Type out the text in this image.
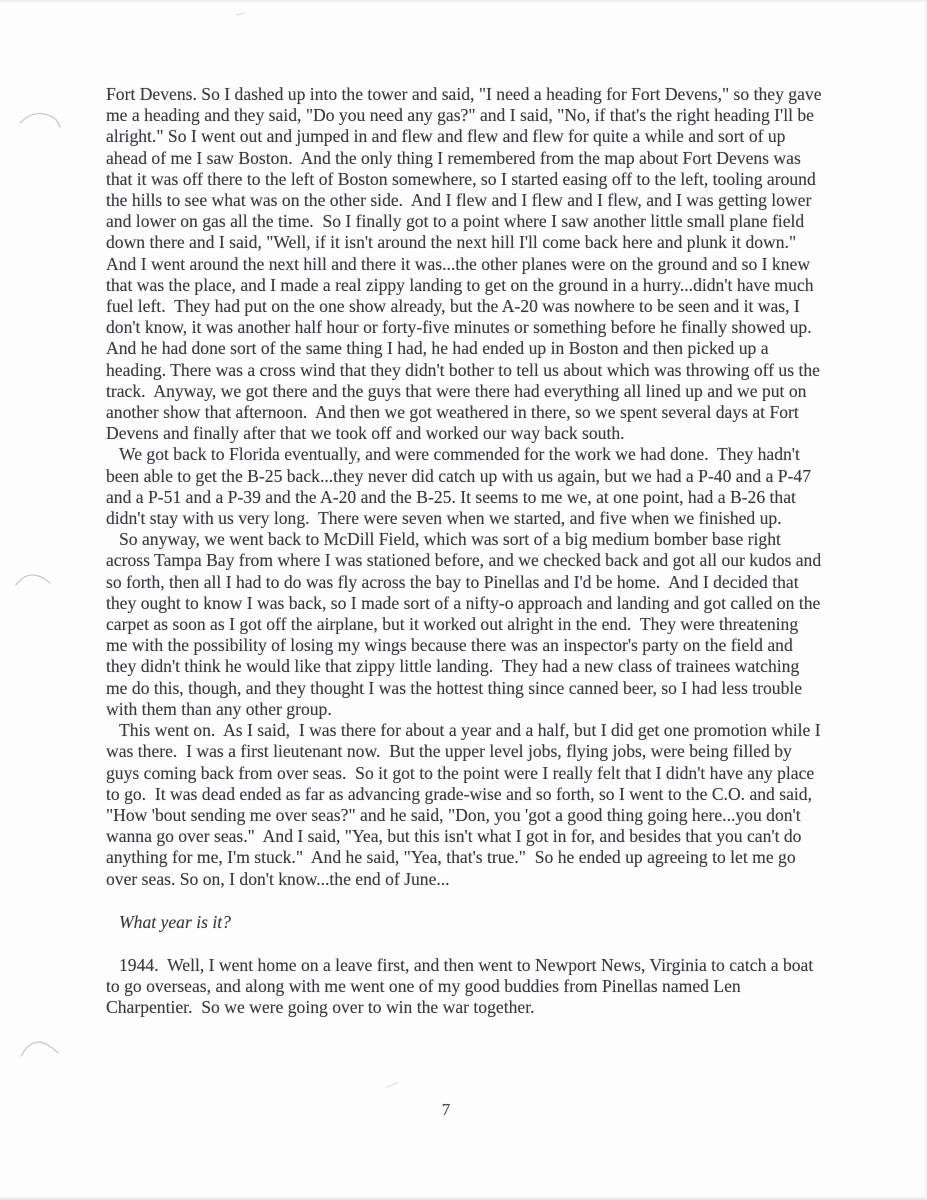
Fort Devens. So I dashed up into the tower and said, "I need a heading for Fort Devens," so they gave me a heading and they said, "Do you need any gas?" and I said, "No, if that's the right heading I'll be alright." So I went out and jumped in and flew and flew and flew for quite a while and sort of up ahead of me I saw Boston.  And the only thing I remembered from the map about Fort Devens was that it was off there to the left of Boston somewhere, so I started easing off to the left, tooling around the hills to see what was on the other side.  And I flew and I flew and I flew, and I was getting lower and lower on gas all the time.  So I finally got to a point where I saw another little small plane field down there and I said, "Well, if it isn't around the next hill I'll come back here and plunk it down."   And I went around the next hill and there it was...the other planes were on the ground and so I knew that was the place, and I made a real zippy landing to get on the ground in a hurry...didn't have much fuel left.  They had put on the one show already, but the A-20 was nowhere to be seen and it was, I don't know, it was another half hour or forty-five minutes or something before he finally showed up.  And he had done sort of the same thing I had, he had ended up in Boston and then picked up a heading. There was a cross wind that they didn't bother to tell us about which was throwing off us the track.  Anyway, we got there and the guys that were there had everything all lined up and we put on another show that afternoon.  And then we got weathered in there, so we spent several days at Fort Devens and finally after that we took off and worked our way back south.

We got back to Florida eventually, and were commended for the work we had done.  They hadn't been able to get the B-25 back...they never did catch up with us again, but we had a P-40 and a P-47 and a P-51 and a P-39 and the A-20 and the B-25. It seems to me we, at one point, had a B-26 that didn't stay with us very long.  There were seven when we started, and five when we finished up.

So anyway, we went back to McDill Field, which was sort of a big medium bomber base right across Tampa Bay from where I was stationed before, and we checked back and got all our kudos and so forth, then all I had to do was fly across the bay to Pinellas and I'd be home.  And I decided that they ought to know I was back, so I made sort of a nifty-o approach and landing and got called on the carpet as soon as I got off the airplane, but it worked out alright in the end.  They were threatening me with the possibility of losing my wings because there was an inspector's party on the field and they didn't think he would like that zippy little landing.  They had a new class of trainees watching me do this, though, and they thought I was the hottest thing since canned beer, so I had less trouble with them than any other group.

This went on.  As I said,  I was there for about a year and a half, but I did get one promotion while I was there.  I was a first lieutenant now.  But the upper level jobs, flying jobs, were being filled by guys coming back from over seas.  So it got to the point were I really felt that I didn't have any place to go.  It was dead ended as far as advancing grade-wise and so forth, so I went to the C.O. and said, "How 'bout sending me over seas?" and he said, "Don, you 'got a good thing going here...you don't wanna go over seas."  And I said, "Yea, but this isn't what I got in for, and besides that you can't do anything for me, I'm stuck."  And he said, "Yea, that's true."  So he ended up agreeing to let me go over seas. So on, I don't know...the end of June...

What year is it?

1944.  Well, I went home on a leave first, and then went to Newport News, Virginia to catch a boat to go overseas, and along with me went one of my good buddies from Pinellas named Len Charpentier.  So we were going over to win the war together.

7
